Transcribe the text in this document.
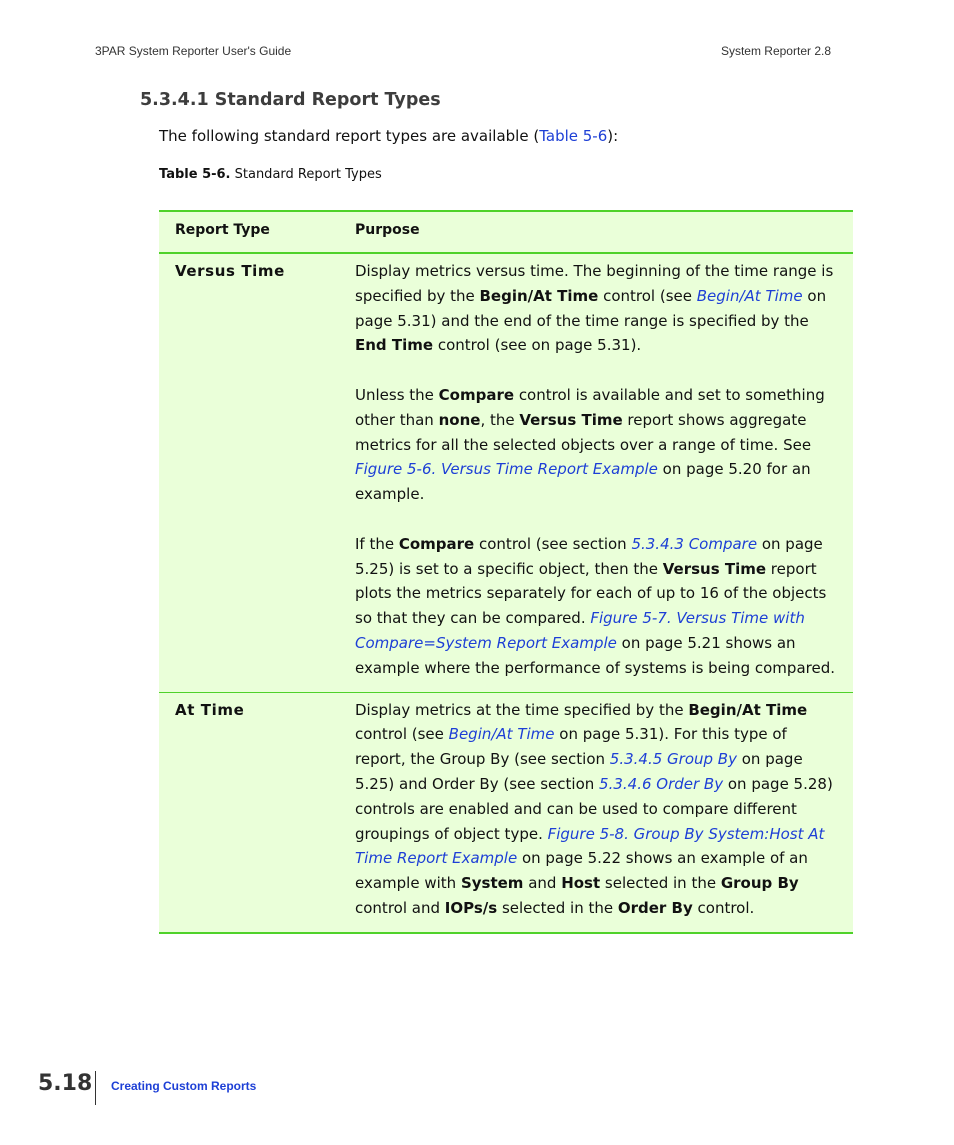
3PAR System Reporter User's Guide	System Reporter 2.8
5.3.4.1 Standard Report Types
The following standard report types are available (Table 5-6):
Table 5-6. Standard Report Types
Report Type	Purpose
Versus Time	Display metrics versus time. The beginning of the time range is specified by the Begin/At Time control (see Begin/At Time on page 5.31) and the end of the time range is specified by the End Time control (see on page 5.31).

Unless the Compare control is available and set to something other than none, the Versus Time report shows aggregate metrics for all the selected objects over a range of time. See Figure 5-6. Versus Time Report Example on page 5.20 for an example.

If the Compare control (see section 5.3.4.3 Compare on page 5.25) is set to a specific object, then the Versus Time report plots the metrics separately for each of up to 16 of the objects so that they can be compared. Figure 5-7. Versus Time with Compare=System Report Example on page 5.21 shows an example where the performance of systems is being compared.

At Time	Display metrics at the time specified by the Begin/At Time control (see Begin/At Time on page 5.31). For this type of report, the Group By (see section 5.3.4.5 Group By on page 5.25) and Order By (see section 5.3.4.6 Order By on page 5.28) controls are enabled and can be used to compare different groupings of object type. Figure 5-8. Group By System:Host At Time Report Example on page 5.22 shows an example of an example with System and Host selected in the Group By control and IOPs/s selected in the Order By control.

5.18 Creating Custom Reports
